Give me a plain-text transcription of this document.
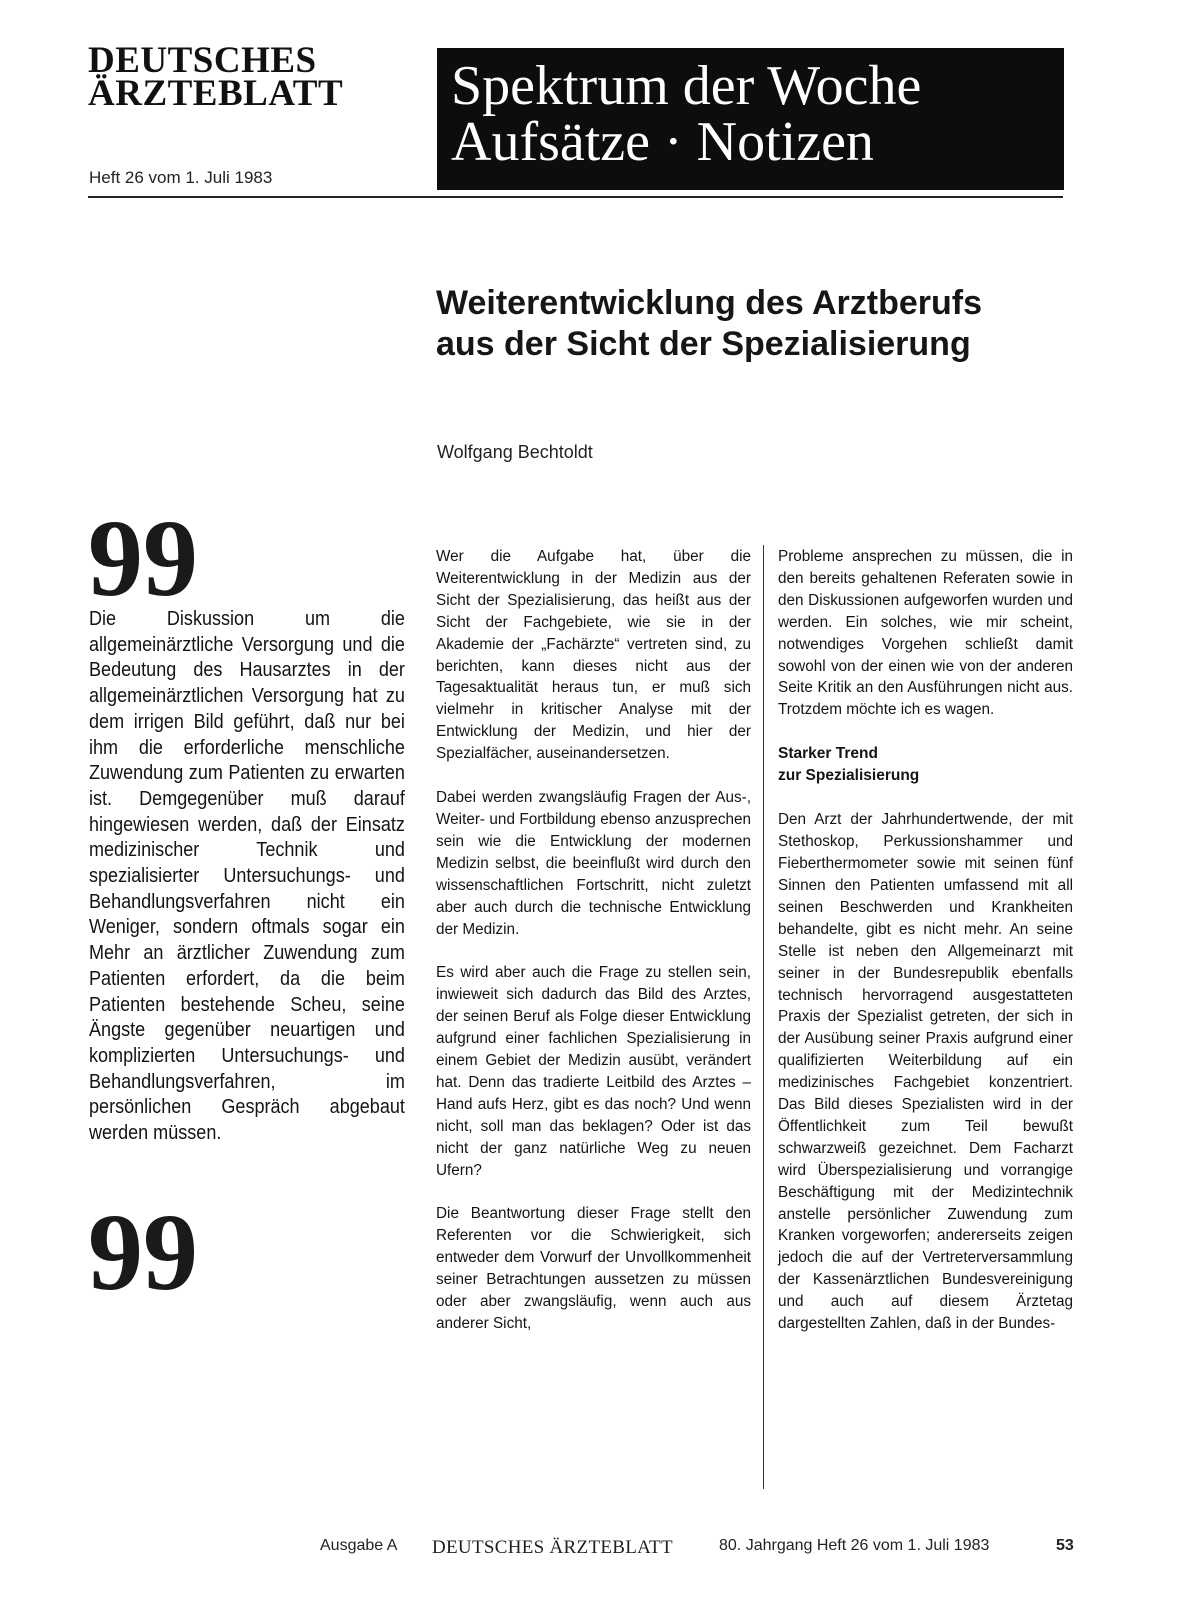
DEUTSCHES
ÄRZTEBLATT
Heft 26 vom 1. Juli 1983
Spektrum der Woche
Aufsätze · Notizen
Weiterentwicklung des Arztberufs
aus der Sicht der Spezialisierung
Wolfgang Bechtoldt
99
Die Diskussion um die allgemeinärztliche Versorgung und die Bedeutung des Hausarztes in der allgemeinärztlichen Versorgung hat zu dem irrigen Bild geführt, daß nur bei ihm die erforderliche menschliche Zuwendung zum Patienten zu erwarten ist. Demgegenüber muß darauf hingewiesen werden, daß der Einsatz medizinischer Technik und spezialisierter Untersuchungs- und Behandlungsverfahren nicht ein Weniger, sondern oftmals sogar ein Mehr an ärztlicher Zuwendung zum Patienten erfordert, da die beim Patienten bestehende Scheu, seine Ängste gegenüber neuartigen und komplizierten Untersuchungs- und Behandlungsverfahren, im persönlichen Gespräch abgebaut werden müssen.
99

Wer die Aufgabe hat, über die Weiterentwicklung in der Medizin aus der Sicht der Spezialisierung, das heißt aus der Sicht der Fachgebiete, wie sie in der Akademie der „Fachärzte“ vertreten sind, zu berichten, kann dieses nicht aus der Tagesaktualität heraus tun, er muß sich vielmehr in kritischer Analyse mit der Entwicklung der Medizin, und hier der Spezialfächer, auseinandersetzen.

Dabei werden zwangsläufig Fragen der Aus-, Weiter- und Fortbildung ebenso anzusprechen sein wie die Entwicklung der modernen Medizin selbst, die beeinflußt wird durch den wissenschaftlichen Fortschritt, nicht zuletzt aber auch durch die technische Entwicklung der Medizin.

Es wird aber auch die Frage zu stellen sein, inwieweit sich dadurch das Bild des Arztes, der seinen Beruf als Folge dieser Entwicklung aufgrund einer fachlichen Spezialisierung in einem Gebiet der Medizin ausübt, verändert hat. Denn das tradierte Leitbild des Arztes – Hand aufs Herz, gibt es das noch? Und wenn nicht, soll man das beklagen? Oder ist das nicht der ganz natürliche Weg zu neuen Ufern?

Die Beantwortung dieser Frage stellt den Referenten vor die Schwierigkeit, sich entweder dem Vorwurf der Unvollkommenheit seiner Betrachtungen aussetzen zu müssen oder aber zwangsläufig, wenn auch aus anderer Sicht,

Probleme ansprechen zu müssen, die in den bereits gehaltenen Referaten sowie in den Diskussionen aufgeworfen wurden und werden. Ein solches, wie mir scheint, notwendiges Vorgehen schließt damit sowohl von der einen wie von der anderen Seite Kritik an den Ausführungen nicht aus. Trotzdem möchte ich es wagen.

Starker Trend
zur Spezialisierung

Den Arzt der Jahrhundertwende, der mit Stethoskop, Perkussionshammer und Fieberthermometer sowie mit seinen fünf Sinnen den Patienten umfassend mit all seinen Beschwerden und Krankheiten behandelte, gibt es nicht mehr. An seine Stelle ist neben den Allgemeinarzt mit seiner in der Bundesrepublik ebenfalls technisch hervorragend ausgestatteten Praxis der Spezialist getreten, der sich in der Ausübung seiner Praxis aufgrund einer qualifizierten Weiterbildung auf ein medizinisches Fachgebiet konzentriert. Das Bild dieses Spezialisten wird in der Öffentlichkeit zum Teil bewußt schwarzweiß gezeichnet. Dem Facharzt wird Überspezialisierung und vorrangige Beschäftigung mit der Medizintechnik anstelle persönlicher Zuwendung zum Kranken vorgeworfen; andererseits zeigen jedoch die auf der Vertreterversammlung der Kassenärztlichen Bundesvereinigung und auch auf diesem Ärztetag dargestellten Zahlen, daß in der Bundes-

Ausgabe A DEUTSCHES ÄRZTEBLATT	80. Jahrgang Heft 26 vom 1. Juli 1983	53
